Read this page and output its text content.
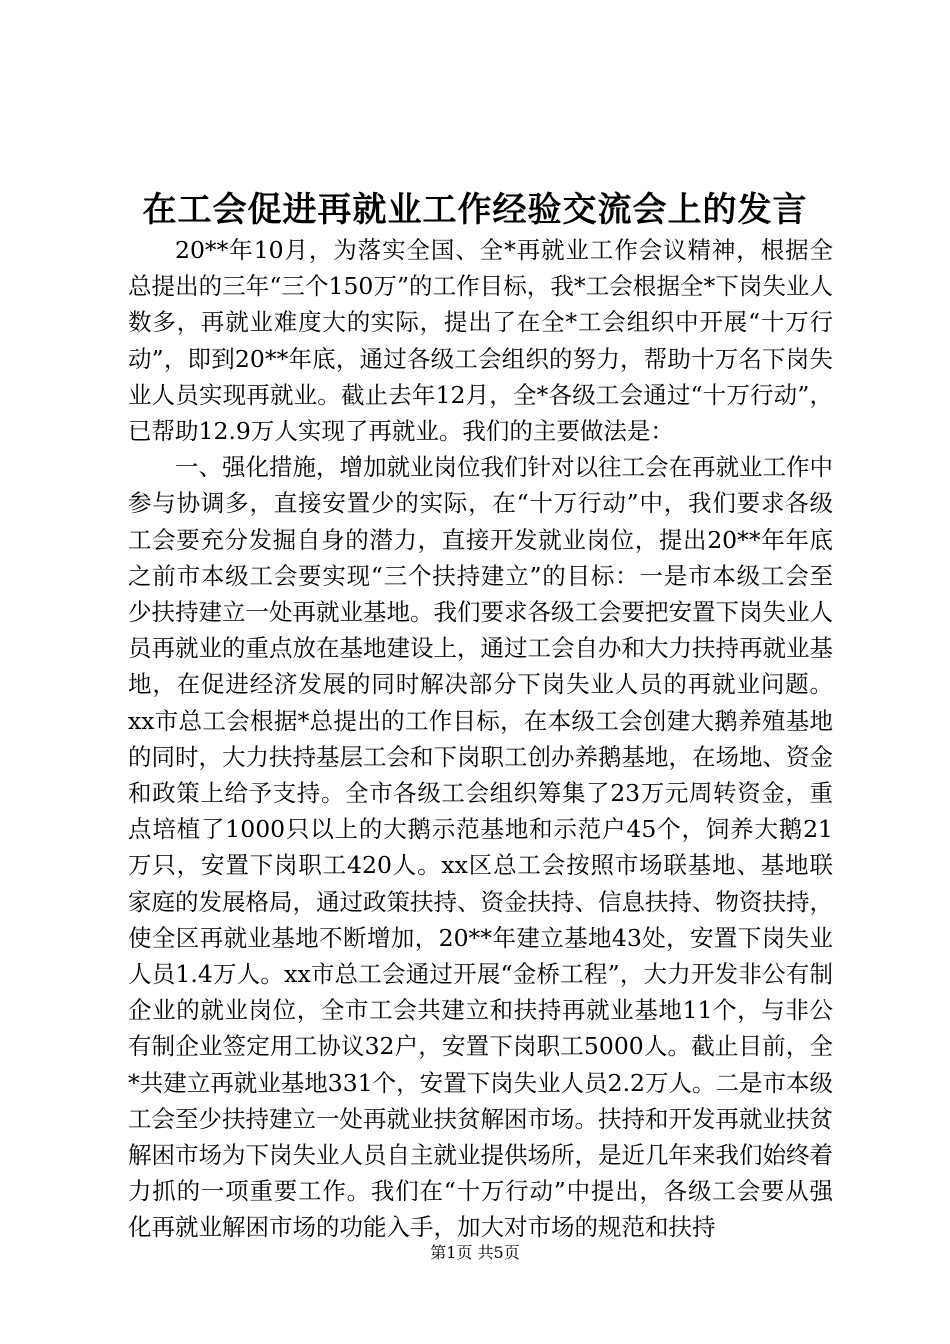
在工会促进再就业工作经验交流会上的发言

20**年10月，为落实全国、全*再就业工作会议精神，根据全总提出的三年“三个150万”的工作目标，我*工会根据全*下岗失业人数多，再就业难度大的实际，提出了在全*工会组织中开展“十万行动”，即到20**年底，通过各级工会组织的努力，帮助十万名下岗失业人员实现再就业。截止去年12月，全*各级工会通过“十万行动”，已帮助12.9万人实现了再就业。我们的主要做法是：

一、强化措施，增加就业岗位我们针对以往工会在再就业工作中参与协调多，直接安置少的实际，在“十万行动”中，我们要求各级工会要充分发掘自身的潜力，直接开发就业岗位，提出20**年年底之前市本级工会要实现“三个扶持建立”的目标：一是市本级工会至少扶持建立一处再就业基地。我们要求各级工会要把安置下岗失业人员再就业的重点放在基地建设上，通过工会自办和大力扶持再就业基地，在促进经济发展的同时解决部分下岗失业人员的再就业问题。xx市总工会根据*总提出的工作目标，在本级工会创建大鹅养殖基地的同时，大力扶持基层工会和下岗职工创办养鹅基地，在场地、资金和政策上给予支持。全市各级工会组织筹集了23万元周转资金，重点培植了1000只以上的大鹅示范基地和示范户45个，饲养大鹅21万只，安置下岗职工420人。xx区总工会按照市场联基地、基地联家庭的发展格局，通过政策扶持、资金扶持、信息扶持、物资扶持，使全区再就业基地不断增加，20**年建立基地43处，安置下岗失业人员1.4万人。xx市总工会通过开展“金桥工程”，大力开发非公有制企业的就业岗位，全市工会共建立和扶持再就业基地11个，与非公有制企业签定用工协议32户，安置下岗职工5000人。截止目前，全*共建立再就业基地331个，安置下岗失业人员2.2万人。二是市本级工会至少扶持建立一处再就业扶贫解困市场。扶持和开发再就业扶贫解困市场为下岗失业人员自主就业提供场所，是近几年来我们始终着力抓的一项重要工作。我们在“十万行动”中提出，各级工会要从强化再就业解困市场的功能入手，加大对市场的规范和扶持

第1页 共5页
